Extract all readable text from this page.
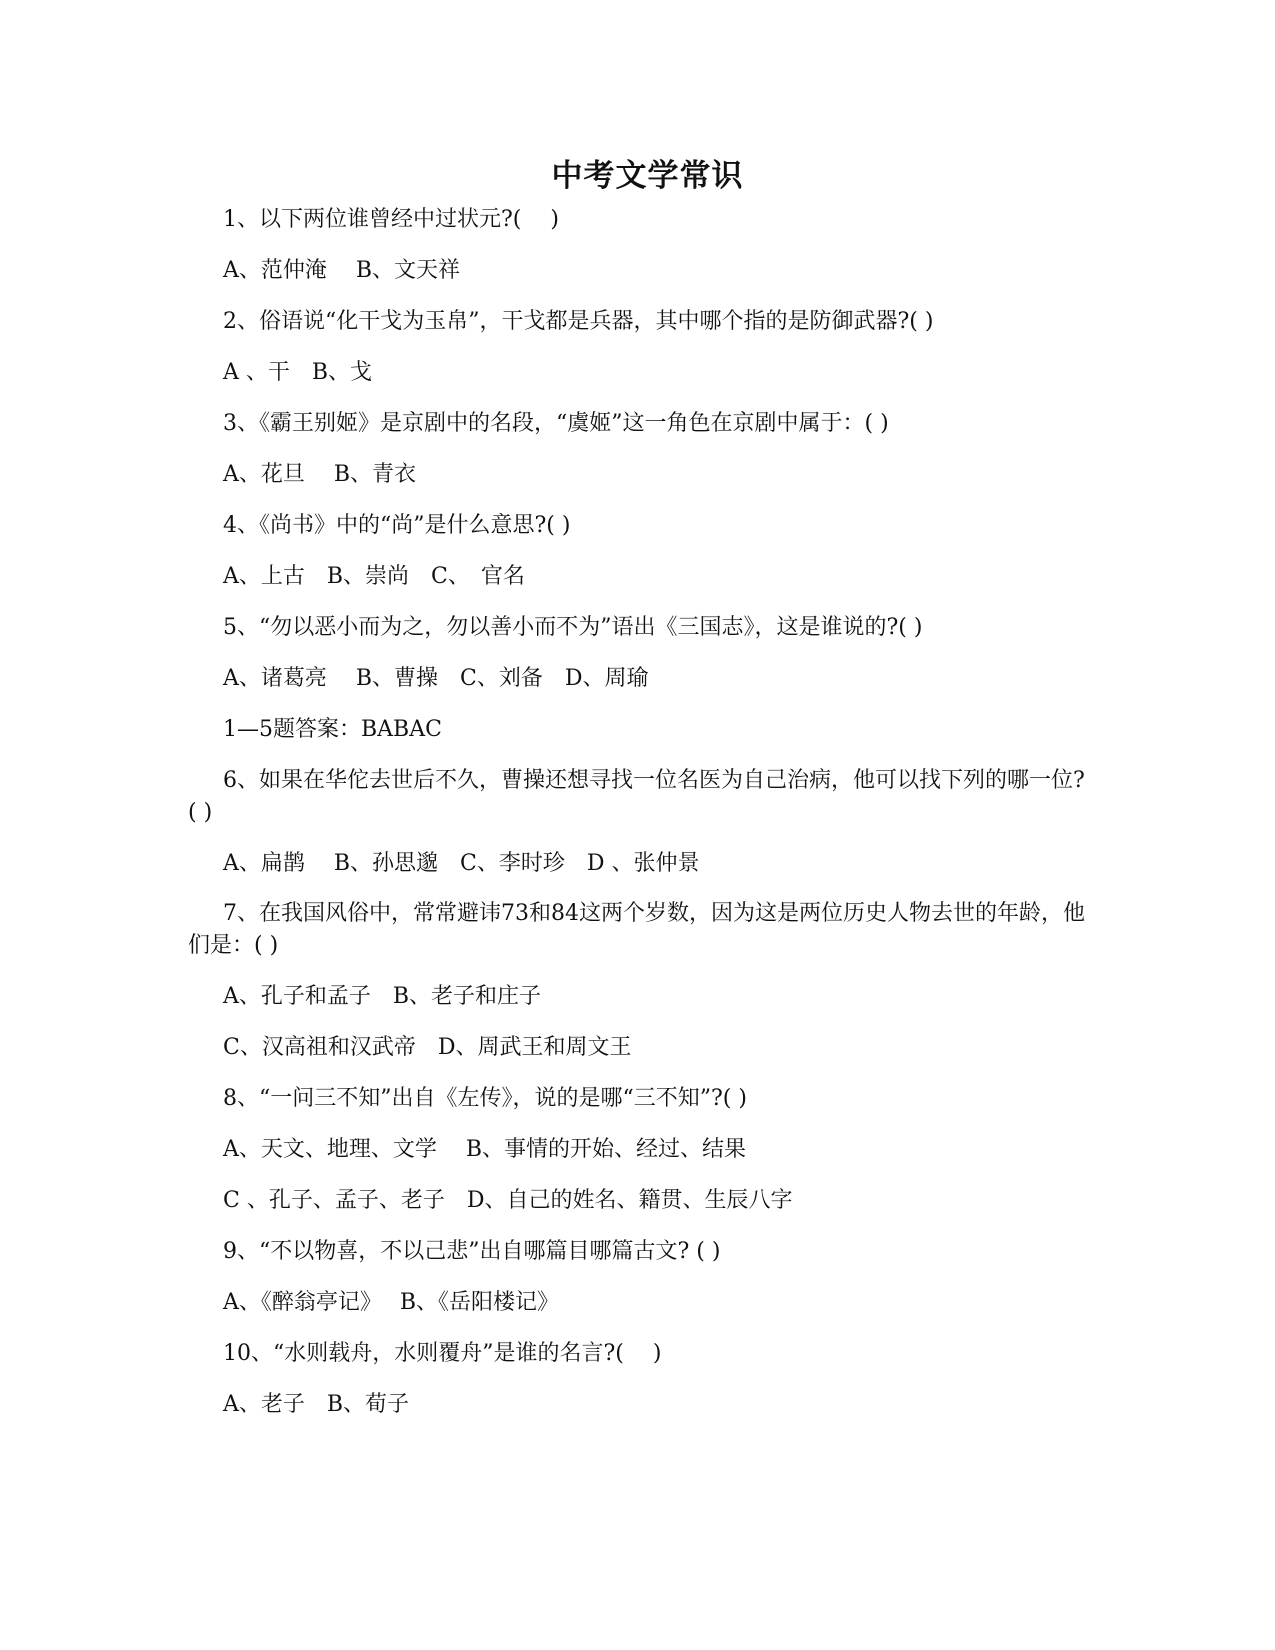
中考文学常识
1、以下两位谁曾经中过状元?(　 )
A、范仲淹　 B、文天祥
2、俗语说“化干戈为玉帛”，干戈都是兵器，其中哪个指的是防御武器?( )
A 、干　B、戈
3、《霸王别姬》是京剧中的名段，“虞姬”这一角色在京剧中属于：( )
A、花旦　 B、青衣
4、《尚书》中的“尚”是什么意思?( )
A、上古　B、崇尚　C、　官名
5、“勿以恶小而为之，勿以善小而不为”语出《三国志》，这是谁说的?( )
A、诸葛亮　 B、曹操　C、刘备　D、周瑜
1—5题答案：BABAC
6、如果在华佗去世后不久，曹操还想寻找一位名医为自己治病，他可以找下列的哪一位?( )
A、扁鹊　 B、孙思邈　C、李时珍　D 、张仲景
7、在我国风俗中，常常避讳73和84这两个岁数，因为这是两位历史人物去世的年龄，他们是：( )
A、孔子和孟子　B、老子和庄子
C、汉高祖和汉武帝　D、周武王和周文王
8、“一问三不知”出自《左传》，说的是哪“三不知”?( )
A、天文、地理、文学　 B、事情的开始、经过、结果
C 、孔子、孟子、老子　D、自己的姓名、籍贯、生辰八字
9、“不以物喜，不以己悲”出自哪篇目哪篇古文? ( )
A、《醉翁亭记》　 B、《岳阳楼记》
10、“水则载舟，水则覆舟”是谁的名言?(　 )
A、老子　B、荀子
